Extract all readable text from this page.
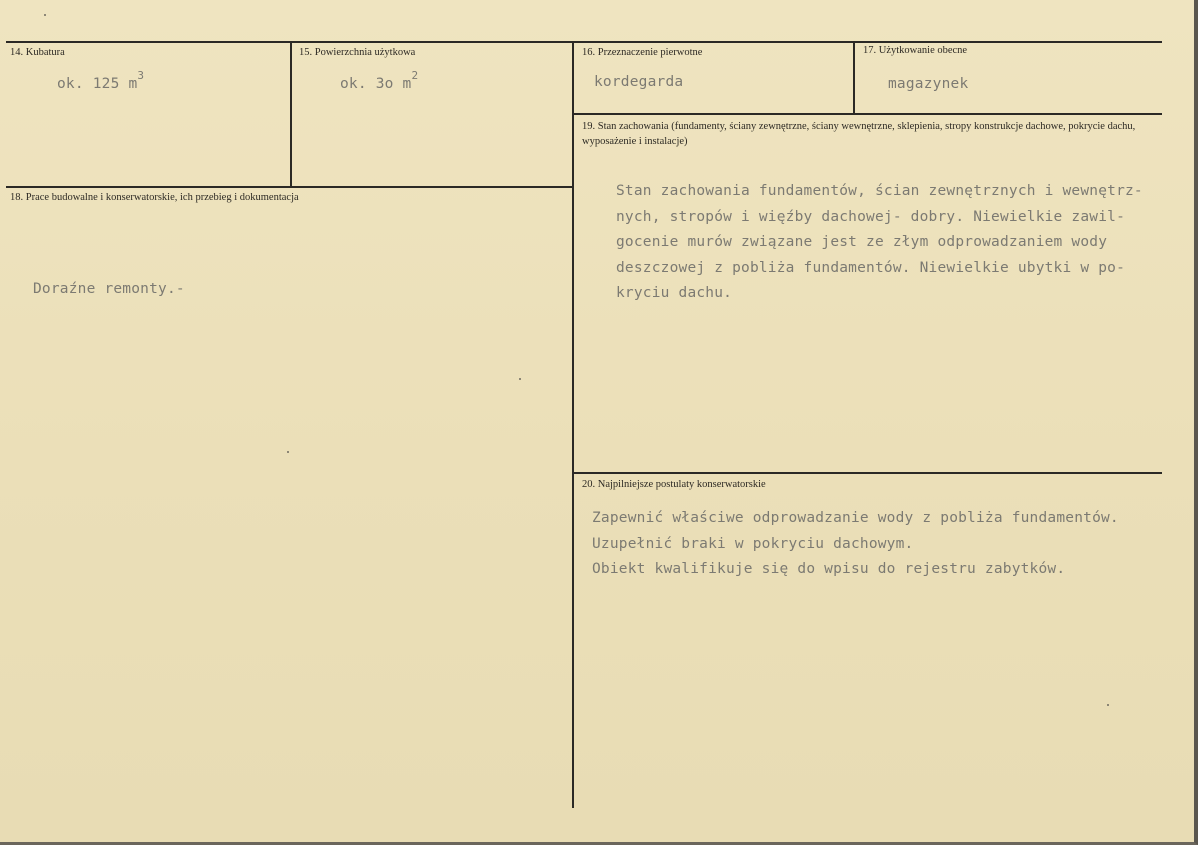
14. Kubatura
ok. 125 $m^3$
15. Powierzchnia użytkowa
ok. 3o $m^2$
16. Przeznaczenie pierwotne
kordegarda
17. Użytkowanie obecne
magazynek
18. Prace budowalne i konserwatorskie, ich przebieg i dokumentacja
Doraźne remonty.-
19. Stan zachowania (fundamenty, ściany zewnętrzne, ściany wewnętrzne, sklepienia, stropy konstrukcje dachowe, pokrycie dachu, wyposażenie i instalacje)
Stan zachowania fundamentów, ścian zewnętrznych i wewnętrz-
nych, stropów i więźby dachowej- dobry. Niewielkie zawil-
gocenie murów związane jest ze złym odprowadzaniem wody
deszczowej z pobliża fundamentów. Niewielkie ubytki w po-
kryciu dachu.
20. Najpilniejsze postulaty konserwatorskie
Zapewnić właściwe odprowadzanie wody z pobliża fundamentów.
Uzupełnić braki w pokryciu dachowym.
Obiekt kwalifikuje się do wpisu do rejestru zabytków.
